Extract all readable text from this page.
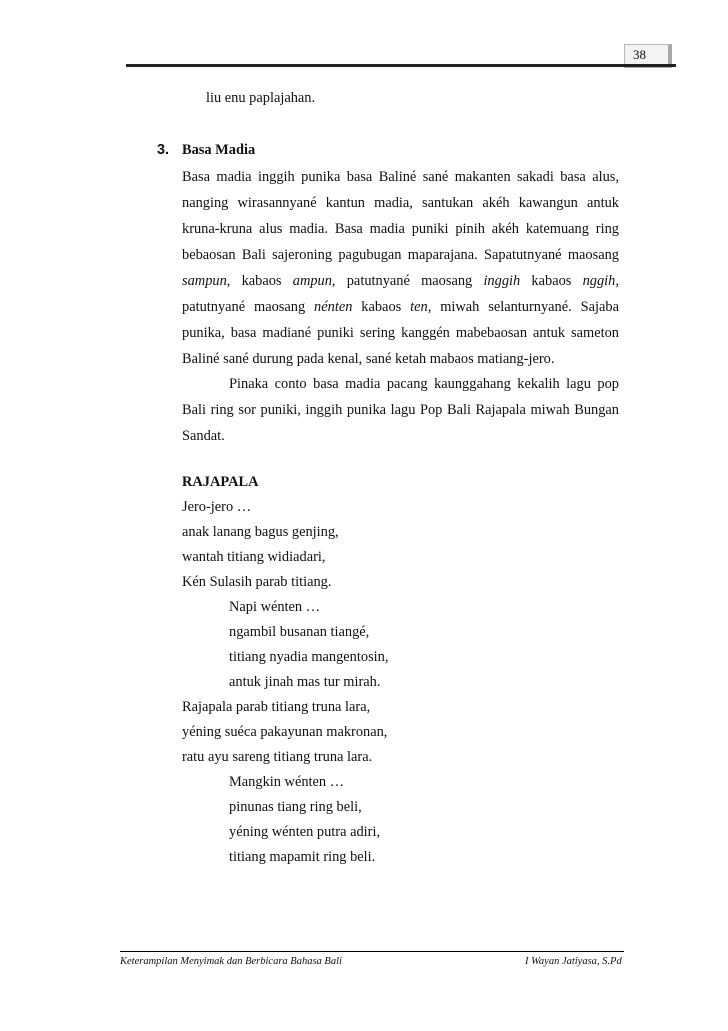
38
liu enu paplajahan.
3. Basa Madia
Basa madia inggih punika basa Baliné sané makanten sakadi basa alus,
nanging wirasannyané kantun madia, santukan akéh kawangun antuk
kruna-kruna alus madia. Basa madia puniki pinih akéh katemuang ring
bebaosan Bali sajeroning pagubugan maparajana. Sapatutnyané maosang
sampun, kabaos ampun, patutnyané maosang inggih kabaos nggih,
patutnyané maosang nénten kabaos ten, miwah selanturnyané. Sajaba
punika, basa madiané puniki sering kanggén mabebaosan antuk sameton
Baliné sané durung pada kenal, sané ketah mabaos matiang-jero.
Pinaka conto basa madia pacang kaunggahang kekalih lagu pop
Bali ring sor puniki, inggih punika lagu Pop Bali Rajapala miwah Bungan
Sandat.
RAJAPALA
Jero-jero …
anak lanang bagus genjing,
wantah titiang widiadari,
Kén Sulasih parab titiang.
Napi wénten …
ngambil busanan tiangé,
titiang nyadia mangentosin,
antuk jinah mas tur mirah.
Rajapala parab titiang truna lara,
yéning suéca pakayunan makronan,
ratu ayu sareng titiang truna lara.
Mangkin wénten …
pinunas tiang ring beli,
yéning wénten putra adiri,
titiang mapamit ring beli.
Keterampilan Menyimak dan Berbicara Bahasa Bali	I Wayan Jatiyasa, S.Pd
